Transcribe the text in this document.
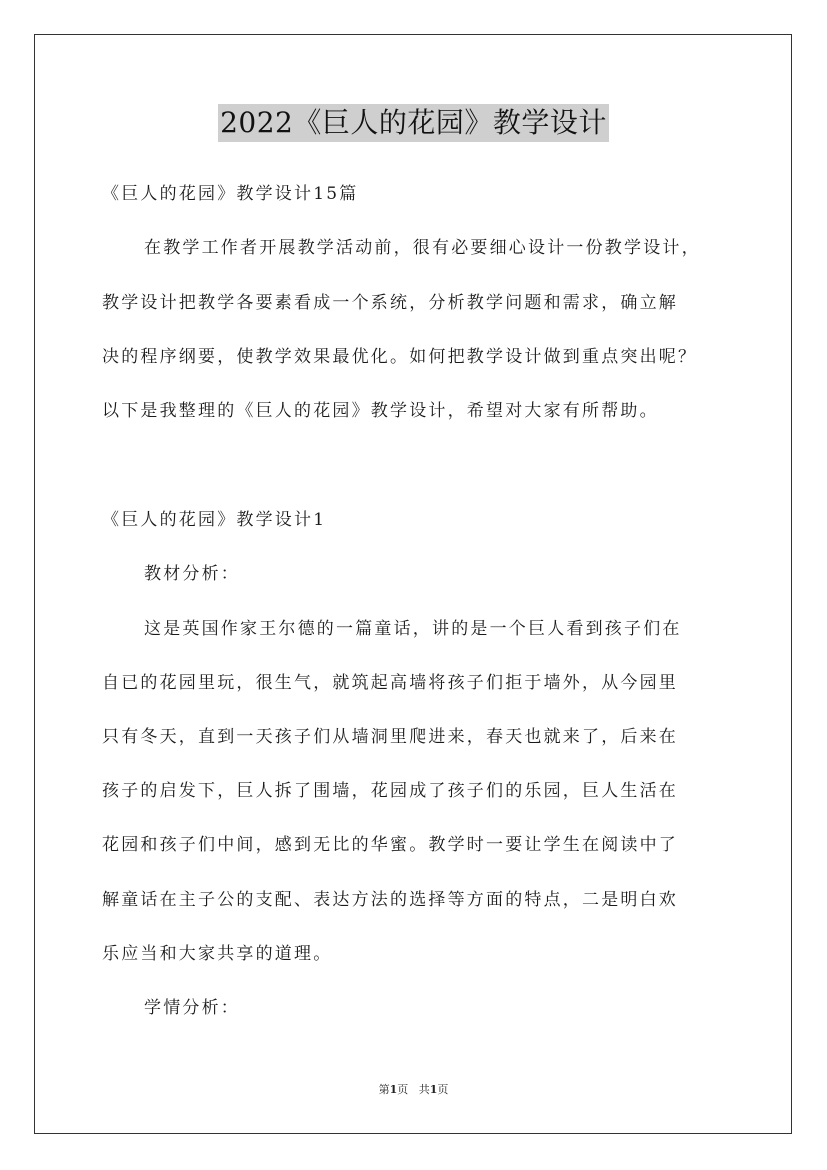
2022《巨人的花园》教学设计
《巨人的花园》教学设计15篇
在教学工作者开展教学活动前，很有必要细心设计一份教学设计，
教学设计把教学各要素看成一个系统，分析教学问题和需求，确立解
决的程序纲要，使教学效果最优化。如何把教学设计做到重点突出呢？
以下是我整理的《巨人的花园》教学设计，希望对大家有所帮助。
《巨人的花园》教学设计1
教材分析：
这是英国作家王尔德的一篇童话，讲的是一个巨人看到孩子们在
自已的花园里玩，很生气，就筑起高墙将孩子们拒于墙外，从今园里
只有冬天，直到一天孩子们从墙洞里爬进来，春天也就来了，后来在
孩子的启发下，巨人拆了围墙，花园成了孩子们的乐园，巨人生活在
花园和孩子们中间，感到无比的华蜜。教学时一要让学生在阅读中了
解童话在主子公的支配、表达方法的选择等方面的特点，二是明白欢
乐应当和大家共享的道理。
学情分析：
第1页 共1页
